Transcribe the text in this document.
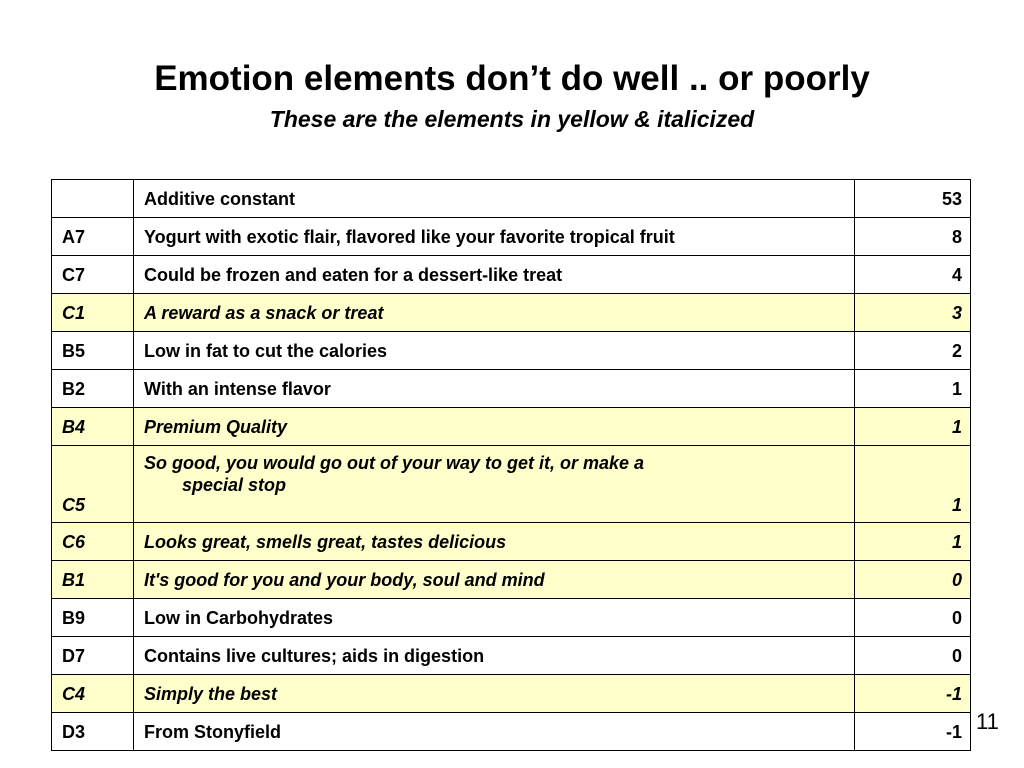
Emotion elements don’t do well .. or poorly
These are the elements in yellow & italicized
	Additive constant	53
A7	Yogurt with exotic flair, flavored like your favorite tropical fruit	8
C7	Could be frozen and eaten for a dessert-like treat	4
C1	A reward as a snack or treat	3
B5	Low in fat to cut the calories	2
B2	With an intense flavor	1
B4	Premium Quality	1
C5	So good, you would go out of your way to get it, or make a
special stop	1
C6	Looks great, smells great, tastes delicious	1
B1	It's good for you and your body, soul and mind	0
B9	Low in Carbohydrates	0
D7	Contains live cultures; aids in digestion	0
C4	Simply the best	-1
D3	From Stonyfield	-1 11
